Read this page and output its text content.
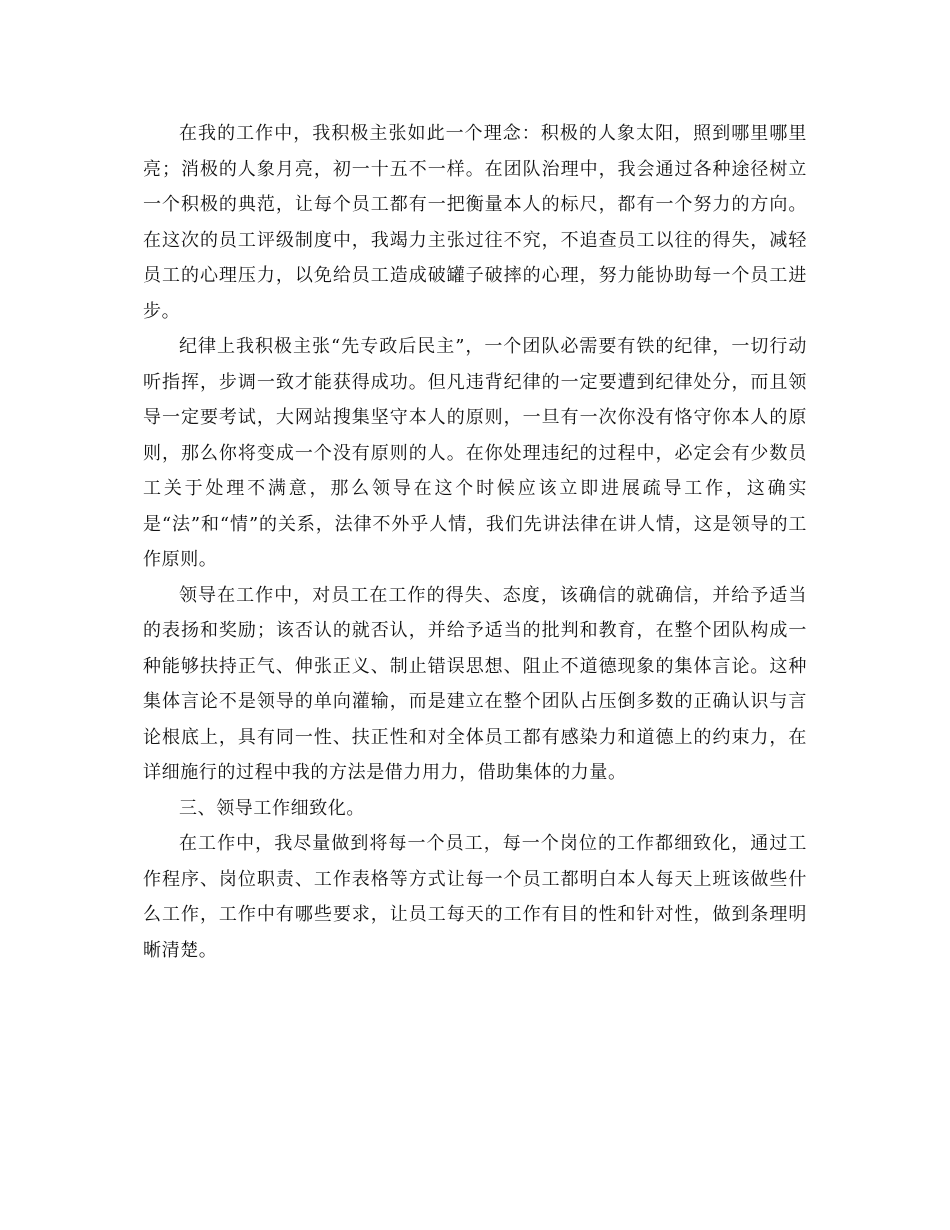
在我的工作中，我积极主张如此一个理念：积极的人象太阳，照到哪里哪里亮；消极的人象月亮，初一十五不一样。在团队治理中，我会通过各种途径树立一个积极的典范，让每个员工都有一把衡量本人的标尺，都有一个努力的方向。在这次的员工评级制度中，我竭力主张过往不究，不追查员工以往的得失，减轻员工的心理压力，以免给员工造成破罐子破摔的心理，努力能协助每一个员工进步。

纪律上我积极主张“先专政后民主”，一个团队必需要有铁的纪律，一切行动听指挥，步调一致才能获得成功。但凡违背纪律的一定要遭到纪律处分，而且领导一定要考试，大网站搜集坚守本人的原则，一旦有一次你没有恪守你本人的原则，那么你将变成一个没有原则的人。在你处理违纪的过程中，必定会有少数员工关于处理不满意，那么领导在这个时候应该立即进展疏导工作，这确实是“法”和“情”的关系，法律不外乎人情，我们先讲法律在讲人情，这是领导的工作原则。

领导在工作中，对员工在工作的得失、态度，该确信的就确信，并给予适当的表扬和奖励；该否认的就否认，并给予适当的批判和教育，在整个团队构成一种能够扶持正气、伸张正义、制止错误思想、阻止不道德现象的集体言论。这种集体言论不是领导的单向灌输，而是建立在整个团队占压倒多数的正确认识与言论根底上，具有同一性、扶正性和对全体员工都有感染力和道德上的约束力，在详细施行的过程中我的方法是借力用力，借助集体的力量。

三、领导工作细致化。

在工作中，我尽量做到将每一个员工，每一个岗位的工作都细致化，通过工作程序、岗位职责、工作表格等方式让每一个员工都明白本人每天上班该做些什么工作，工作中有哪些要求，让员工每天的工作有目的性和针对性，做到条理明晰清楚。
